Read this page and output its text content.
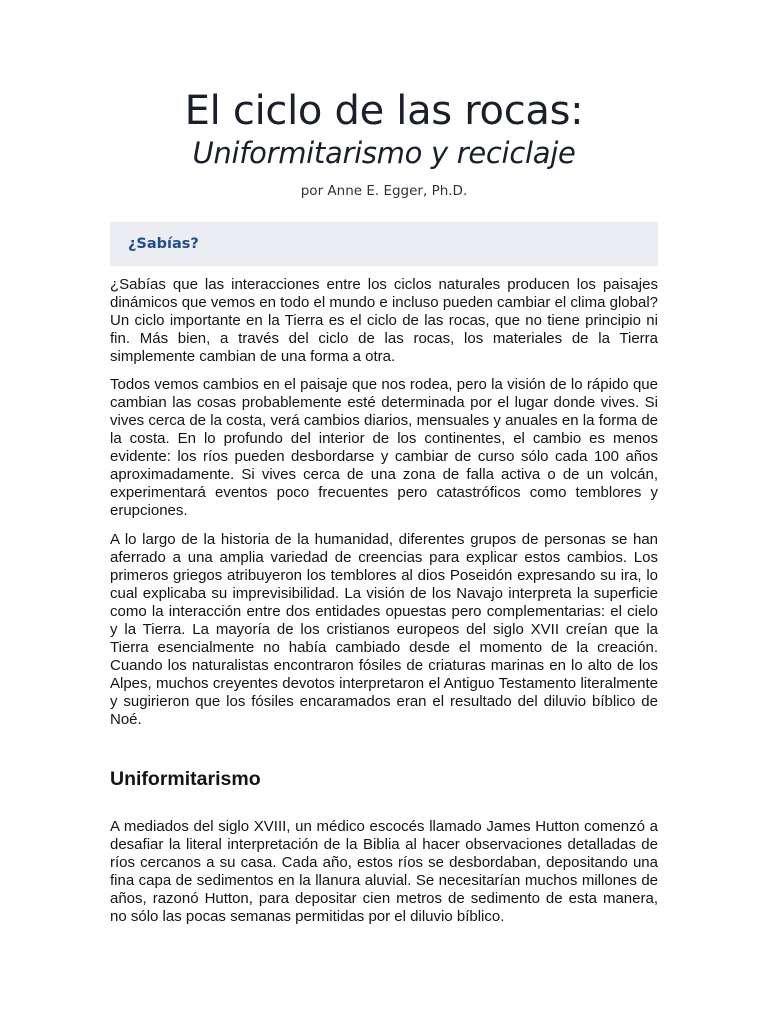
El ciclo de las rocas:
Uniformitarismo y reciclaje
por Anne E. Egger, Ph.D.
¿Sabías?
¿Sabías que las interacciones entre los ciclos naturales producen los paisajes dinámicos que vemos en todo el mundo e incluso pueden cambiar el clima global? Un ciclo importante en la Tierra es el ciclo de las rocas, que no tiene principio ni fin. Más bien, a través del ciclo de las rocas, los materiales de la Tierra simplemente cambian de una forma a otra.
Todos vemos cambios en el paisaje que nos rodea, pero la visión de lo rápido que cambian las cosas probablemente esté determinada por el lugar donde vives. Si vives cerca de la costa, verá cambios diarios, mensuales y anuales en la forma de la costa. En lo profundo del interior de los continentes, el cambio es menos evidente: los ríos pueden desbordarse y cambiar de curso sólo cada 100 años aproximadamente. Si vives cerca de una zona de falla activa o de un volcán, experimentará eventos poco frecuentes pero catastróficos como temblores y erupciones.
A lo largo de la historia de la humanidad, diferentes grupos de personas se han aferrado a una amplia variedad de creencias para explicar estos cambios. Los primeros griegos atribuyeron los temblores al dios Poseidón expresando su ira, lo cual explicaba su imprevisibilidad. La visión de los Navajo interpreta la superficie como la interacción entre dos entidades opuestas pero complementarias: el cielo y la Tierra. La mayoría de los cristianos europeos del siglo XVII creían que la Tierra esencialmente no había cambiado desde el momento de la creación. Cuando los naturalistas encontraron fósiles de criaturas marinas en lo alto de los Alpes, muchos creyentes devotos interpretaron el Antiguo Testamento literalmente y sugirieron que los fósiles encaramados eran el resultado del diluvio bíblico de Noé.
Uniformitarismo
A mediados del siglo XVIII, un médico escocés llamado James Hutton comenzó a desafiar la literal interpretación de la Biblia al hacer observaciones detalladas de ríos cercanos a su casa. Cada año, estos ríos se desbordaban, depositando una fina capa de sedimentos en la llanura aluvial. Se necesitarían muchos millones de años, razonó Hutton, para depositar cien metros de sedimento de esta manera, no sólo las pocas semanas permitidas por el diluvio bíblico.
